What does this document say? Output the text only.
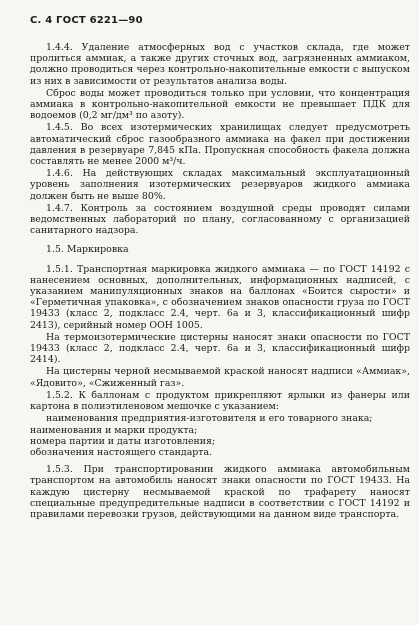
С. 4 ГОСТ 6221—90

1.4.4. Удаление атмосферных вод с участков склада, где может пролиться аммиак, а также других сточных вод, загрязненных аммиаком, должно проводиться через контрольно-накопительные емкости с выпуском из них в зависимости от результатов анализа воды.

Сброс воды может проводиться только при условии, что концентрация аммиака в контрольно-накопительной емкости не превышает ПДК для водоемов (0,2 мг/дм³ по азоту).

1.4.5. Во всех изотермических хранилищах следует предусмотреть автоматический сброс газообразного аммиака на факел при достижении давления в резервуаре 7,845 кПа. Пропускная способность факела должна составлять не менее 2000 м³/ч.

1.4.6. На действующих складах максимальный эксплуатационный уровень заполнения изотермических резервуаров жидкого аммиака должен быть не выше 80%.

1.4.7. Контроль за состоянием воздушной среды проводят силами ведомственных лабораторий по плану, согласованному с организацией санитарного надзора.

1.5. Маркировка

1.5.1. Транспортная маркировка жидкого аммиака — по ГОСТ 14192 с нанесением основных, дополнительных, информационных надписей, с указанием манипуляционных знаков на баллонах «Боится сырости» и «Герметичная упаковка», с обозначением знаков опасности груза по ГОСТ 19433 (класс 2, подкласс 2.4, черт. 6а и 3, классификационный шифр 2413), серийный номер ООН 1005.

На термоизотермические цистерны наносят знаки опасности по ГОСТ 19433 (класс 2, подкласс 2.4, черт. 6а и 3, классификационный шифр 2414).

На цистерны черной несмываемой краской наносят надписи «Аммиак», «Ядовито», «Сжиженный газ».

1.5.2. К баллонам с продуктом прикрепляют ярлыки из фанеры или картона в полиэтиленовом мешочке с указанием:

наименования предприятия-изготовителя и его товарного знака;

наименования и марки продукта;

номера партии и даты изготовления;

обозначения настоящего стандарта.

1.5.3. При транспортировании жидкого аммиака автомобильным транспортом на автомобиль наносят знаки опасности по ГОСТ 19433. На каждую цистерну несмываемой краской по трафарету наносят специальные предупредительные надписи в соответствии с ГОСТ 14192 и правилами перевозки грузов, действующими на данном виде транспорта.
